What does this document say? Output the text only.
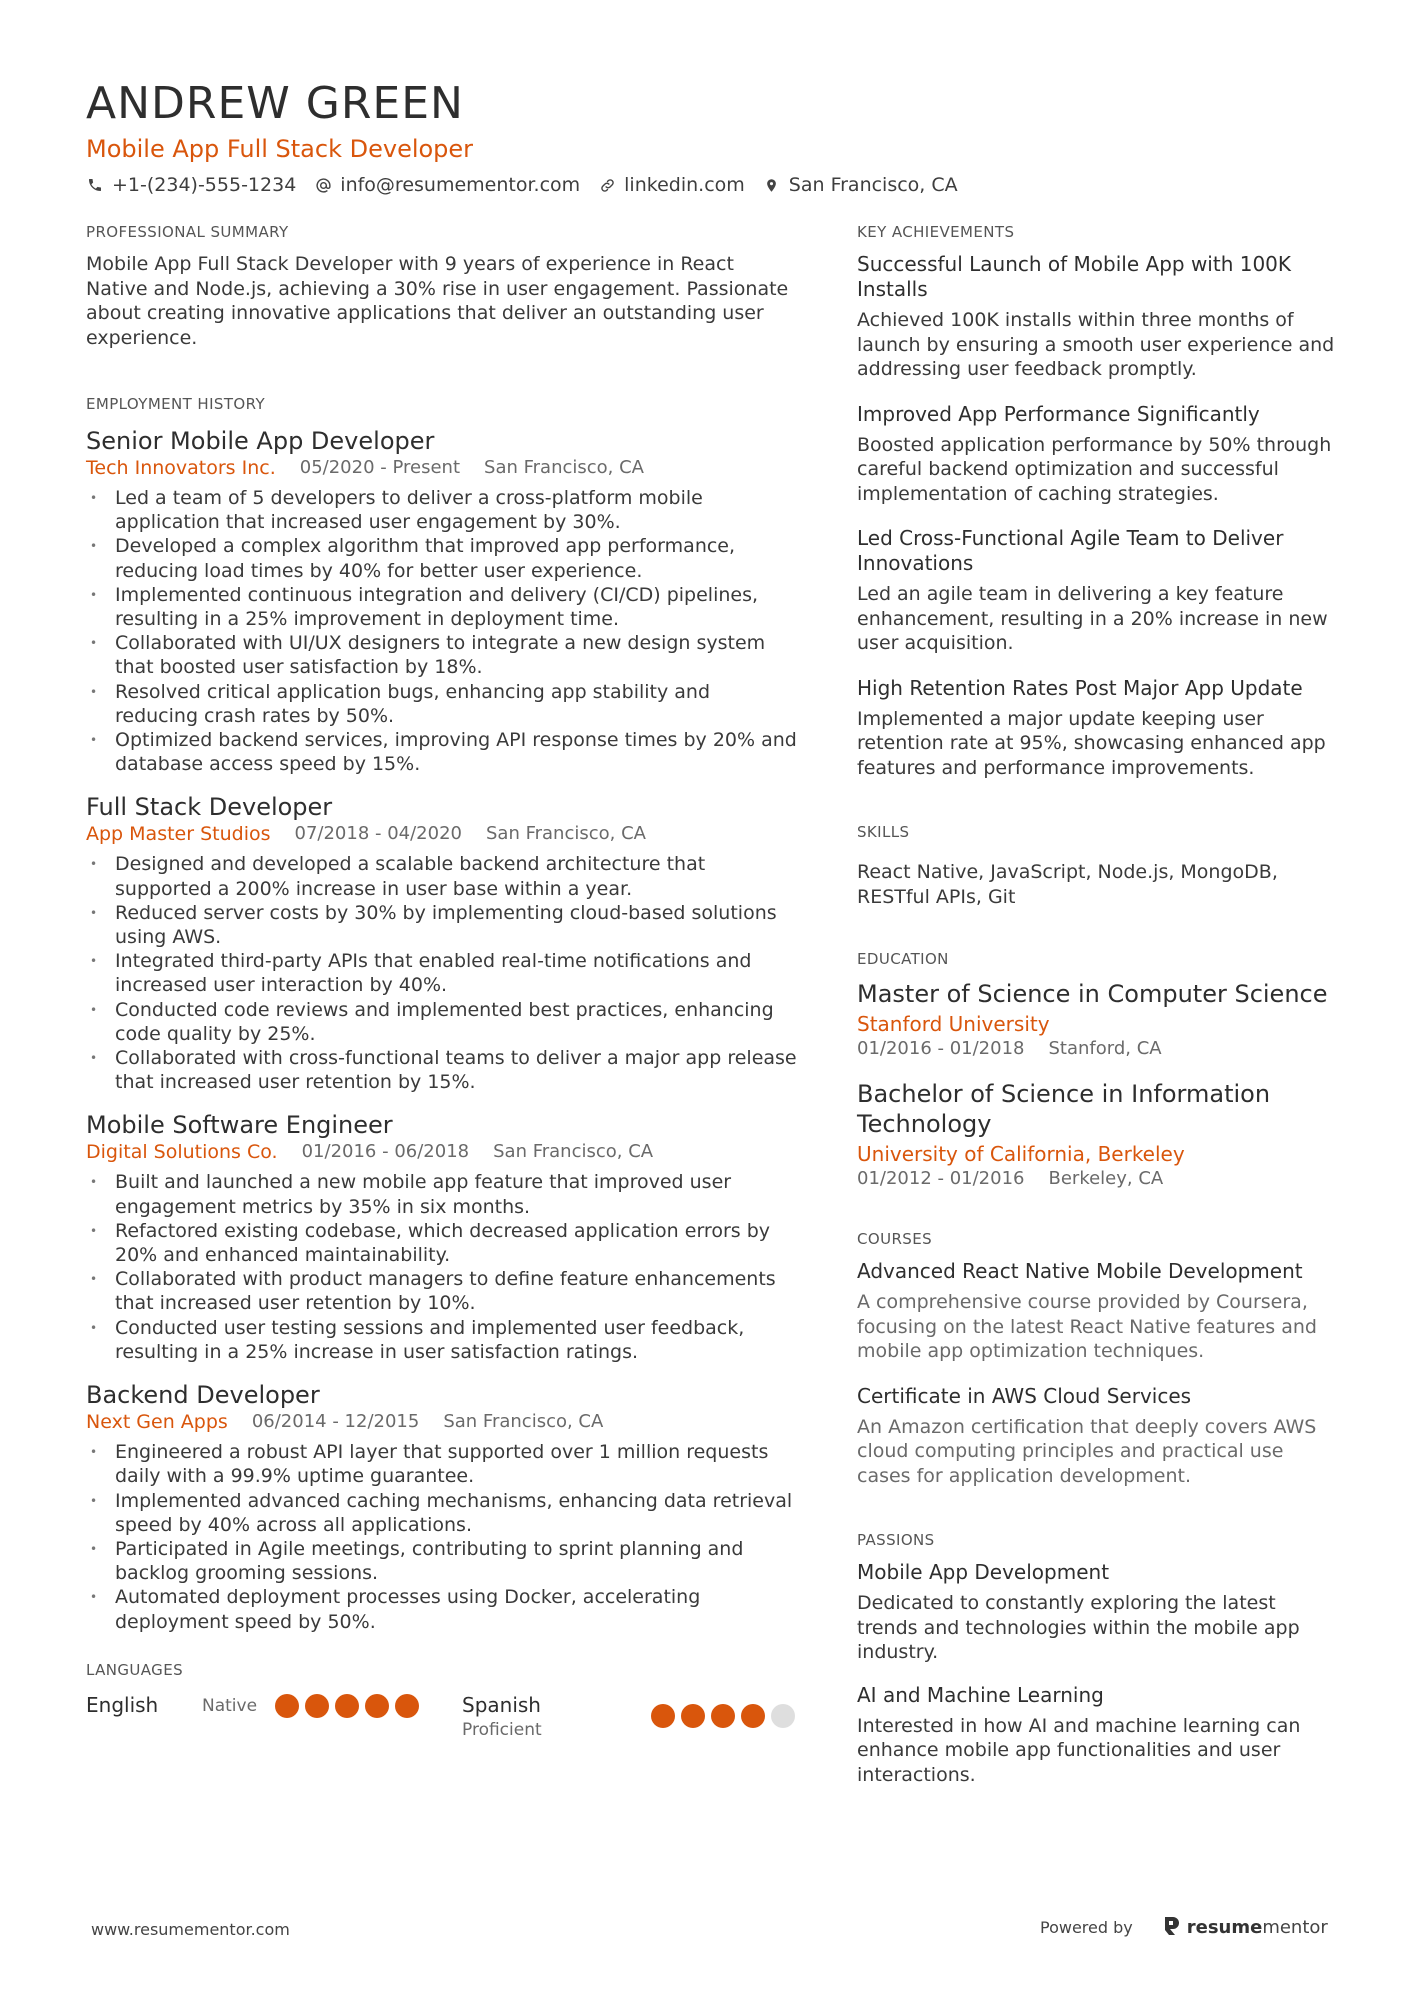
ANDREW GREEN
Mobile App Full Stack Developer
+1-(234)-555-1234 info@resumementor.com linkedin.com San Francisco, CA
PROFESSIONAL SUMMARY

Mobile App Full Stack Developer with 9 years of experience in React Native and Node.js, achieving a 30% rise in user engagement. Passionate about creating innovative applications that deliver an outstanding user experience.

EMPLOYMENT HISTORY
Senior Mobile App Developer
Tech Innovators Inc. 05/2020 - Present San Francisco, CA
• Led a team of 5 developers to deliver a cross-platform mobile application that increased user engagement by 30%.
• Developed a complex algorithm that improved app performance, reducing load times by 40% for better user experience.
• Implemented continuous integration and delivery (CI/CD) pipelines, resulting in a 25% improvement in deployment time.
• Collaborated with UI/UX designers to integrate a new design system that boosted user satisfaction by 18%.
• Resolved critical application bugs, enhancing app stability and reducing crash rates by 50%.
• Optimized backend services, improving API response times by 20% and database access speed by 15%.
Full Stack Developer
App Master Studios 07/2018 - 04/2020 San Francisco, CA
• Designed and developed a scalable backend architecture that supported a 200% increase in user base within a year.
• Reduced server costs by 30% by implementing cloud-based solutions using AWS.
• Integrated third-party APIs that enabled real-time notifications and increased user interaction by 40%.
• Conducted code reviews and implemented best practices, enhancing code quality by 25%.
• Collaborated with cross-functional teams to deliver a major app release that increased user retention by 15%.
Mobile Software Engineer
Digital Solutions Co. 01/2016 - 06/2018 San Francisco, CA
• Built and launched a new mobile app feature that improved user engagement metrics by 35% in six months.
• Refactored existing codebase, which decreased application errors by 20% and enhanced maintainability.
• Collaborated with product managers to define feature enhancements that increased user retention by 10%.
• Conducted user testing sessions and implemented user feedback, resulting in a 25% increase in user satisfaction ratings.
Backend Developer
Next Gen Apps 06/2014 - 12/2015 San Francisco, CA
• Engineered a robust API layer that supported over 1 million requests daily with a 99.9% uptime guarantee.
• Implemented advanced caching mechanisms, enhancing data retrieval speed by 40% across all applications.
• Participated in Agile meetings, contributing to sprint planning and backlog grooming sessions.
• Automated deployment processes using Docker, accelerating deployment speed by 50%.
LANGUAGES
English	Native	Spanish
Proficient
KEY ACHIEVEMENTS
Successful Launch of Mobile App with 100K Installs
Achieved 100K installs within three months of launch by ensuring a smooth user experience and addressing user feedback promptly.
Improved App Performance Significantly
Boosted application performance by 50% through careful backend optimization and successful implementation of caching strategies.
Led Cross-Functional Agile Team to Deliver Innovations
Led an agile team in delivering a key feature enhancement, resulting in a 20% increase in new user acquisition.
High Retention Rates Post Major App Update
Implemented a major update keeping user retention rate at 95%, showcasing enhanced app features and performance improvements.
SKILLS

React Native, JavaScript, Node.js, MongoDB, RESTful APIs, Git

EDUCATION
Master of Science in Computer Science
Stanford University
01/2016 - 01/2018 Stanford, CA
Bachelor of Science in Information Technology
University of California, Berkeley
01/2012 - 01/2016 Berkeley, CA
COURSES
Advanced React Native Mobile Development
A comprehensive course provided by Coursera, focusing on the latest React Native features and mobile app optimization techniques.
Certificate in AWS Cloud Services
An Amazon certification that deeply covers AWS cloud computing principles and practical use cases for application development.
PASSIONS
Mobile App Development
Dedicated to constantly exploring the latest trends and technologies within the mobile app industry.
AI and Machine Learning
Interested in how AI and machine learning can enhance mobile app functionalities and user interactions.
www.resumementor.com	Powered by	resumementor
